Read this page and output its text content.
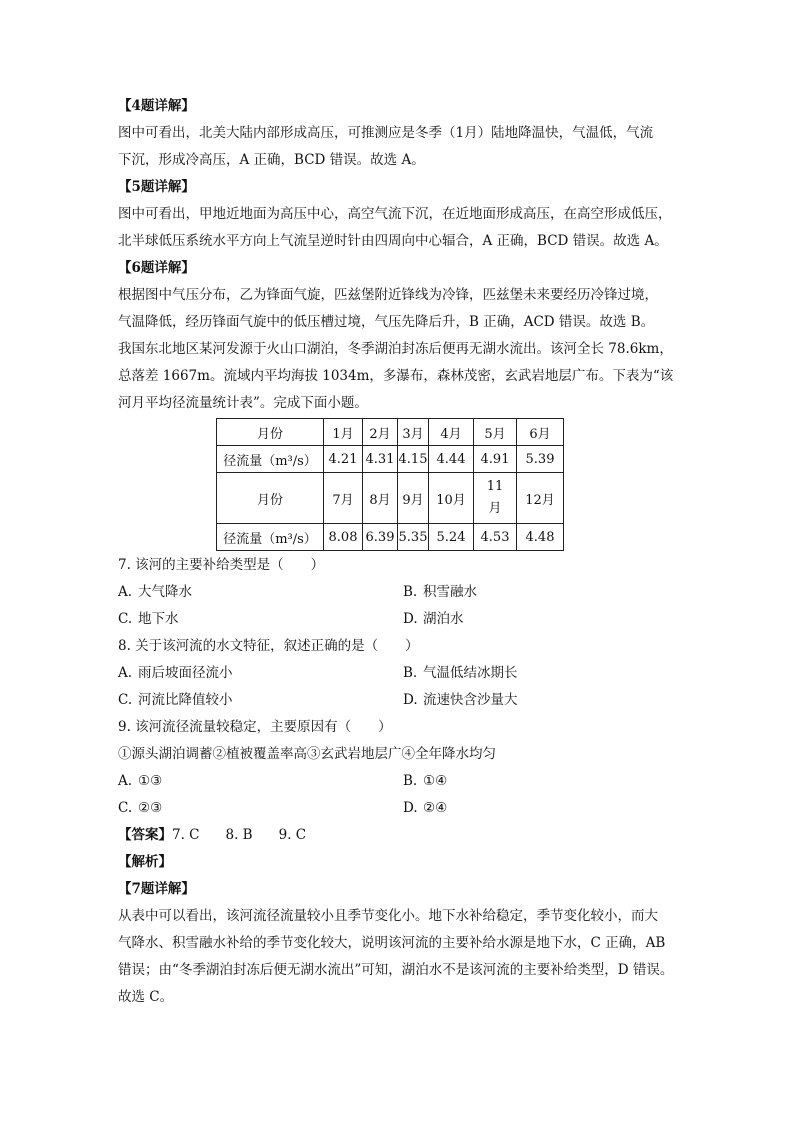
【4题详解】
图中可看出，北美大陆内部形成高压，可推测应是冬季（1月）陆地降温快，气温低，气流
下沉，形成冷高压，A 正确，BCD 错误。故选 A。
【5题详解】
图中可看出，甲地近地面为高压中心，高空气流下沉，在近地面形成高压，在高空形成低压，
北半球低压系统水平方向上气流呈逆时针由四周向中心辐合，A 正确，BCD 错误。故选 A。
【6题详解】
根据图中气压分布，乙为锋面气旋，匹兹堡附近锋线为冷锋，匹兹堡未来要经历冷锋过境，
气温降低，经历锋面气旋中的低压槽过境，气压先降后升，B 正确，ACD 错误。故选 B。
我国东北地区某河发源于火山口湖泊，冬季湖泊封冻后便再无湖水流出。该河全长 78.6km，
总落差 1667m。流域内平均海拔 1034m，多瀑布，森林茂密，玄武岩地层广布。下表为“该
河月平均径流量统计表”。完成下面小题。
月份	1月	2月	3月	4月	5月	6月
径流量（m³/s）	4.21	4.31	4.15	4.44	4.91	5.39
月份	7月	8月	9月	10月	11月	12月
径流量（m³/s）	8.08	6.39	5.35	5.24	4.53	4.48
7. 该河的主要补给类型是（　　）
A. 大气降水	B. 积雪融水
C. 地下水	D. 湖泊水
8. 关于该河流的水文特征，叙述正确的是（　　）
A. 雨后坡面径流小	B. 气温低结冰期长
C. 河流比降值较小	D. 流速快含沙量大
9. 该河流径流量较稳定，主要原因有（　　）
①源头湖泊调蓄②植被覆盖率高③玄武岩地层广④全年降水均匀
A. ①③	B. ①④
C. ②③	D. ②④
【答案】7. C 8. B 9. C
【解析】
【7题详解】
从表中可以看出，该河流径流量较小且季节变化小。地下水补给稳定，季节变化较小，而大
气降水、积雪融水补给的季节变化较大，说明该河流的主要补给水源是地下水，C 正确，AB
错误；由“冬季湖泊封冻后便无湖水流出”可知，湖泊水不是该河流的主要补给类型，D 错误。
故选 C。
